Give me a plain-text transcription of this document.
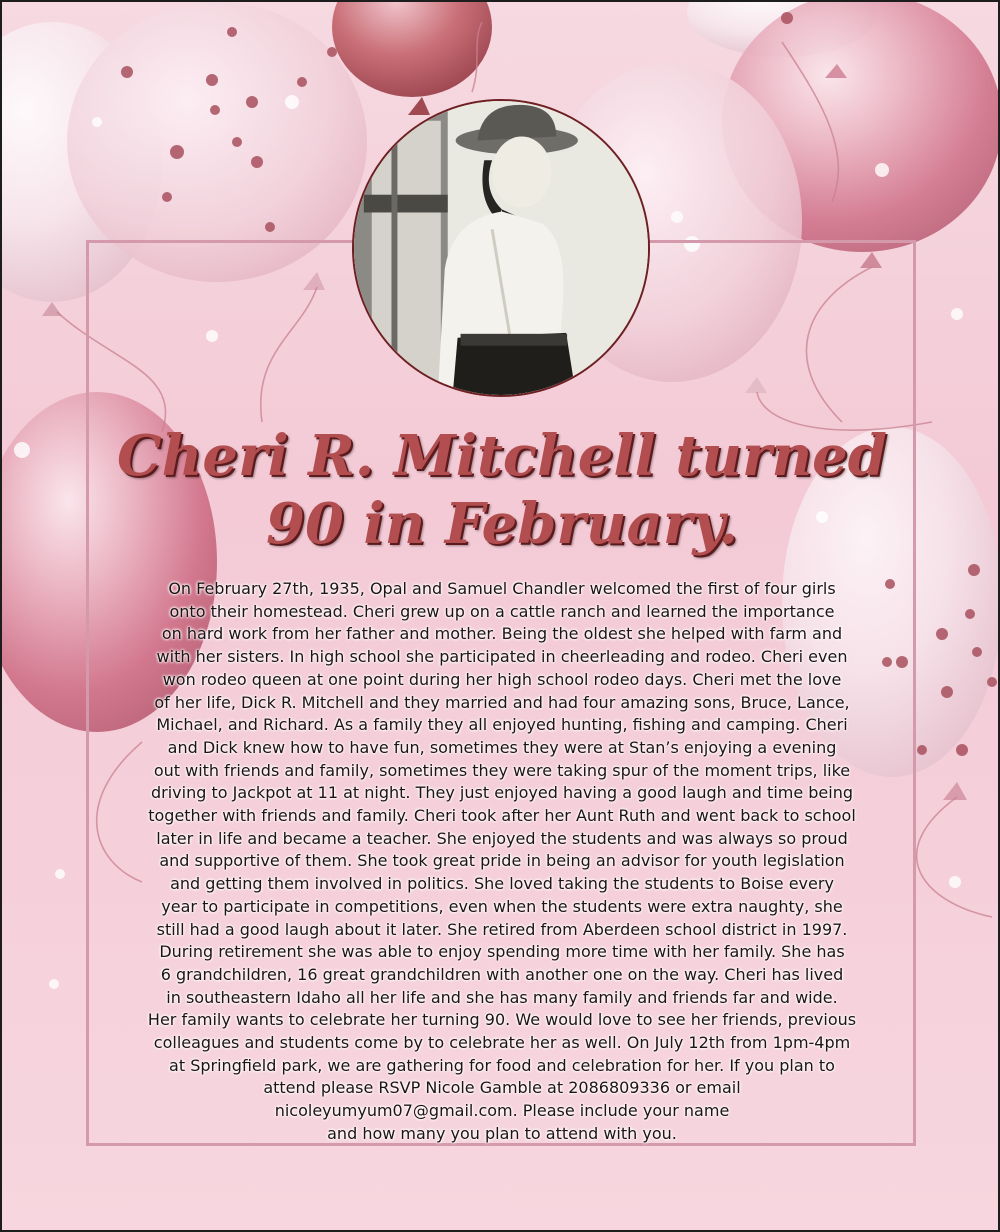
Cheri R. Mitchell turned
90 in February.

On February 27th, 1935, Opal and Samuel Chandler welcomed the first of four girls
onto their homestead. Cheri grew up on a cattle ranch and learned the importance
on hard work from her father and mother. Being the oldest she helped with farm and
with her sisters. In high school she participated in cheerleading and rodeo. Cheri even
won rodeo queen at one point during her high school rodeo days. Cheri met the love
of her life, Dick R. Mitchell and they married and had four amazing sons, Bruce, Lance,
Michael, and Richard. As a family they all enjoyed hunting, fishing and camping. Cheri
and Dick knew how to have fun, sometimes they were at Stan’s enjoying a evening
out with friends and family, sometimes they were taking spur of the moment trips, like
driving to Jackpot at 11 at night. They just enjoyed having a good laugh and time being
together with friends and family. Cheri took after her Aunt Ruth and went back to school
later in life and became a teacher. She enjoyed the students and was always so proud
and supportive of them. She took great pride in being an advisor for youth legislation
and getting them involved in politics. She loved taking the students to Boise every
year to participate in competitions, even when the students were extra naughty, she
still had a good laugh about it later. She retired from Aberdeen school district in 1997.
During retirement she was able to enjoy spending more time with her family. She has
6 grandchildren, 16 great grandchildren with another one on the way. Cheri has lived
in southeastern Idaho all her life and she has many family and friends far and wide.
Her family wants to celebrate her turning 90. We would love to see her friends, previous
colleagues and students come by to celebrate her as well. On July 12th from 1pm-4pm
at Springfield park, we are gathering for food and celebration for her. If you plan to
attend please RSVP Nicole Gamble at 2086809336 or email
nicoleyumyum07@gmail.com. Please include your name
and how many you plan to attend with you.
